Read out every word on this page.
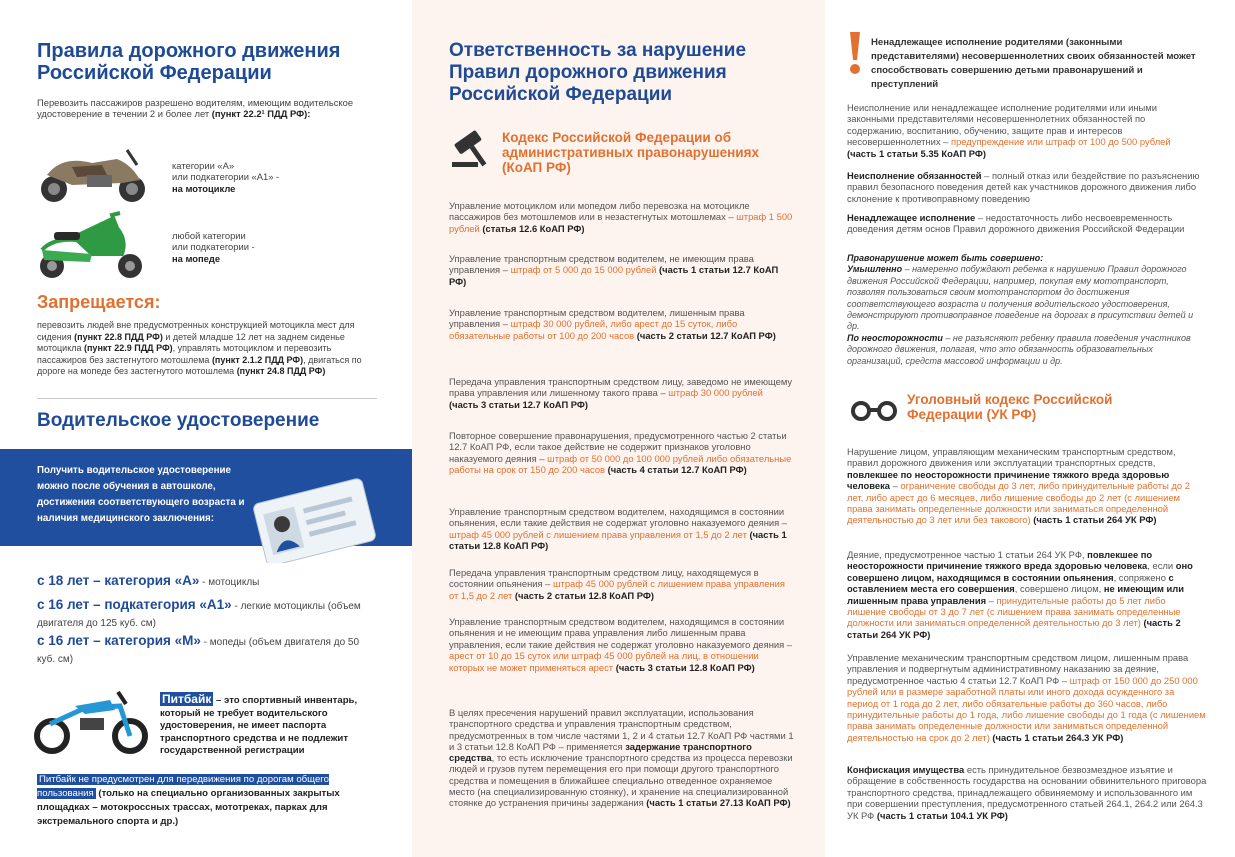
Правила дорожного движения Российской Федерации
Перевозить пассажиров разрешено водителям, имеющим водительское удостоверение в течении 2 и более лет (пункт 22.2¹ ПДД РФ):
категории «А»
или подкатегории «А1» -
на мотоцикле
любой категории
или подкатегории -
на мопеде
Запрещается:
перевозить людей вне предусмотренных конструкцией мотоцикла мест для сидения (пункт 22.8 ПДД РФ) и детей младше 12 лет на заднем сиденье мотоцикла (пункт 22.9 ПДД РФ), управлять мотоциклом и перевозить пассажиров без застегнутого мотошлема (пункт 2.1.2 ПДД РФ), двигаться по дороге на мопеде без застегнутого мотошлема (пункт 24.8 ПДД РФ)
Водительское удостоверение
Получить водительское удостоверение можно после обучения в автошколе, достижения соответствующего возраста и наличия медицинского заключения:
с 18 лет – категория «А» - мотоциклы
с 16 лет – подкатегория «А1» - легкие мотоциклы (объем двигателя до 125 куб. см)
с 16 лет – категория «М» - мопеды (объем двигателя до 50 куб. см)
Питбайк – это спортивный инвентарь, который не требует водительского удостоверения, не имеет паспорта транспортного средства и не подлежит государственной регистрации
Питбайк не предусмотрен для передвижения по дорогам общего пользования (только на специально организованных закрытых площадках – мотокроссных трассах, мототреках, парках для экстремального спорта и др.)
Ответственность за нарушение Правил дорожного движения Российской Федерации
Кодекс Российской Федерации об административных правонарушениях (КоАП РФ)
Управление мотоциклом или мопедом либо перевозка на мотоцикле пассажиров без мотошлемов или в незастегнутых мотошлемах – штраф 1 500 рублей (статья 12.6 КоАП РФ)
Управление транспортным средством водителем, не имеющим права управления – штраф от 5 000 до 15 000 рублей (часть 1 статьи 12.7 КоАП РФ)
Управление транспортным средством водителем, лишенным права управления – штраф 30 000 рублей, либо арест до 15 суток, либо обязательные работы от 100 до 200 часов (часть 2 статьи 12.7 КоАП РФ)
Передача управления транспортным средством лицу, заведомо не имеющему права управления или лишенному такого права – штраф 30 000 рублей (часть 3 статьи 12.7 КоАП РФ)
Повторное совершение правонарушения, предусмотренного частью 2 статьи 12.7 КоАП РФ, если такое действие не содержит признаков уголовно наказуемого деяния – штраф от 50 000 до 100 000 рублей либо обязательные работы на срок от 150 до 200 часов (часть 4 статьи 12.7 КоАП РФ)
Управление транспортным средством водителем, находящимся в состоянии опьянения, если такие действия не содержат уголовно наказуемого деяния – штраф 45 000 рублей с лишением права управления от 1,5 до 2 лет (часть 1 статьи 12.8 КоАП РФ)
Передача управления транспортным средством лицу, находящемуся в состоянии опьянения – штраф 45 000 рублей с лишением права управления от 1,5 до 2 лет (часть 2 статьи 12.8 КоАП РФ)
Управление транспортным средством водителем, находящимся в состоянии опьянения и не имеющим права управления либо лишенным права управления, если такие действия не содержат уголовно наказуемого деяния – арест от 10 до 15 суток или штраф 45 000 рублей на лиц, в отношении которых не может применяться арест (часть 3 статьи 12.8 КоАП РФ)
В целях пресечения нарушений правил эксплуатации, использования транспортного средства и управления транспортным средством, предусмотренных в том числе частями 1, 2 и 4 статьи 12.7 КоАП РФ частями 1 и 3 статьи 12.8 КоАП РФ – применяется задержание транспортного средства, то есть исключение транспортного средства из процесса перевозки людей и грузов путем перемещения его при помощи другого транспортного средства и помещения в ближайшее специально отведенное охраняемое место (на специализированную стоянку), и хранение на специализированной стоянке до устранения причины задержания (часть 1 статьи 27.13 КоАП РФ)
Ненадлежащее исполнение родителями (законными представителями) несовершеннолетних своих обязанностей может способствовать совершению детьми правонарушений и преступлений
Неисполнение или ненадлежащее исполнение родителями или иными законными представителями несовершеннолетних обязанностей по содержанию, воспитанию, обучению, защите прав и интересов несовершеннолетних – предупреждение или штраф от 100 до 500 рублей (часть 1 статьи 5.35 КоАП РФ)
Неисполнение обязанностей – полный отказ или бездействие по разъяснению правил безопасного поведения детей как участников дорожного движения либо склонение к противоправному поведению
Ненадлежащее исполнение – недостаточность либо несвоевременность доведения детям основ Правил дорожного движения Российской Федерации
Правонарушение может быть совершено:
Умышленно – намеренно побуждают ребенка к нарушению Правил дорожного движения Российской Федерации, например, покупая ему мототранспорт, позволяя пользоваться своим мототранспортом до достижения соответствующего возраста и получения водительского удостоверения, демонстрируют противоправное поведение на дорогах в присутствии детей и др.
По неосторожности – не разъясняют ребенку правила поведения участников дорожного движения, полагая, что это обязанность образовательных организаций, средств массовой информации и др.
Уголовный кодекс Российской Федерации (УК РФ)
Нарушение лицом, управляющим механическим транспортным средством, правил дорожного движения или эксплуатации транспортных средств, повлекшее по неосторожности причинение тяжкого вреда здоровью человека – ограничение свободы до 3 лет, либо принудительные работы до 2 лет, либо арест до 6 месяцев, либо лишение свободы до 2 лет (с лишением права занимать определенные должности или заниматься определенной деятельностью до 3 лет или без такового) (часть 1 статьи 264 УК РФ)
Деяние, предусмотренное частью 1 статьи 264 УК РФ, повлекшее по неосторожности причинение тяжкого вреда здоровью человека, если оно совершено лицом, находящимся в состоянии опьянения, сопряжено с оставлением места его совершения, совершено лицом, не имеющим или лишенным права управления – принудительные работы до 5 лет либо лишение свободы от 3 до 7 лет (с лишением права занимать определенные должности или заниматься определенной деятельностью до 3 лет) (часть 2 статьи 264 УК РФ)
Управление механическим транспортным средством лицом, лишенным права управления и подвергнутым административному наказанию за деяние, предусмотренное частью 4 статьи 12.7 КоАП РФ – штраф от 150 000 до 250 000 рублей или в размере заработной платы или иного дохода осужденного за период от 1 года до 2 лет, либо обязательные работы до 360 часов, либо принудительные работы до 1 года, либо лишение свободы до 1 года (с лишением права занимать определенные должности или заниматься определенной деятельностью на срок до 2 лет) (часть 1 статьи 264.3 УК РФ)
Конфискация имущества есть принудительное безвозмездное изъятие и обращение в собственность государства на основании обвинительного приговора транспортного средства, принадлежащего обвиняемому и использованного им при совершении преступления, предусмотренного статьей 264.1, 264.2 или 264.3 УК РФ (часть 1 статьи 104.1 УК РФ)
